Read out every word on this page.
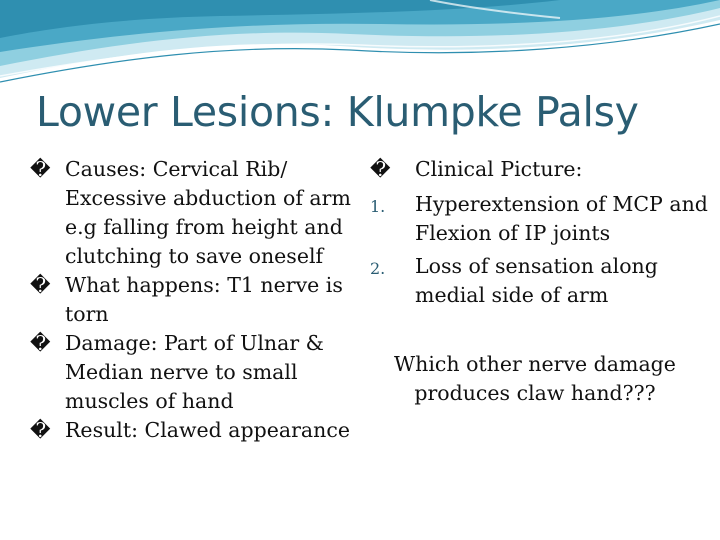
Lower Lesions: Klumpke Palsy

� Causes: Cervical Rib/ Excessive abduction of arm e.g falling from height and clutching to save oneself

� What happens: T1 nerve is torn

� Damage: Part of Ulnar & Median nerve to small muscles of hand

� Result: Clawed appearance

� Clinical Picture:

1. Hyperextension of MCP and Flexion of IP joints

2. Loss of sensation along medial side of arm

Which other nerve damage produces claw hand???
